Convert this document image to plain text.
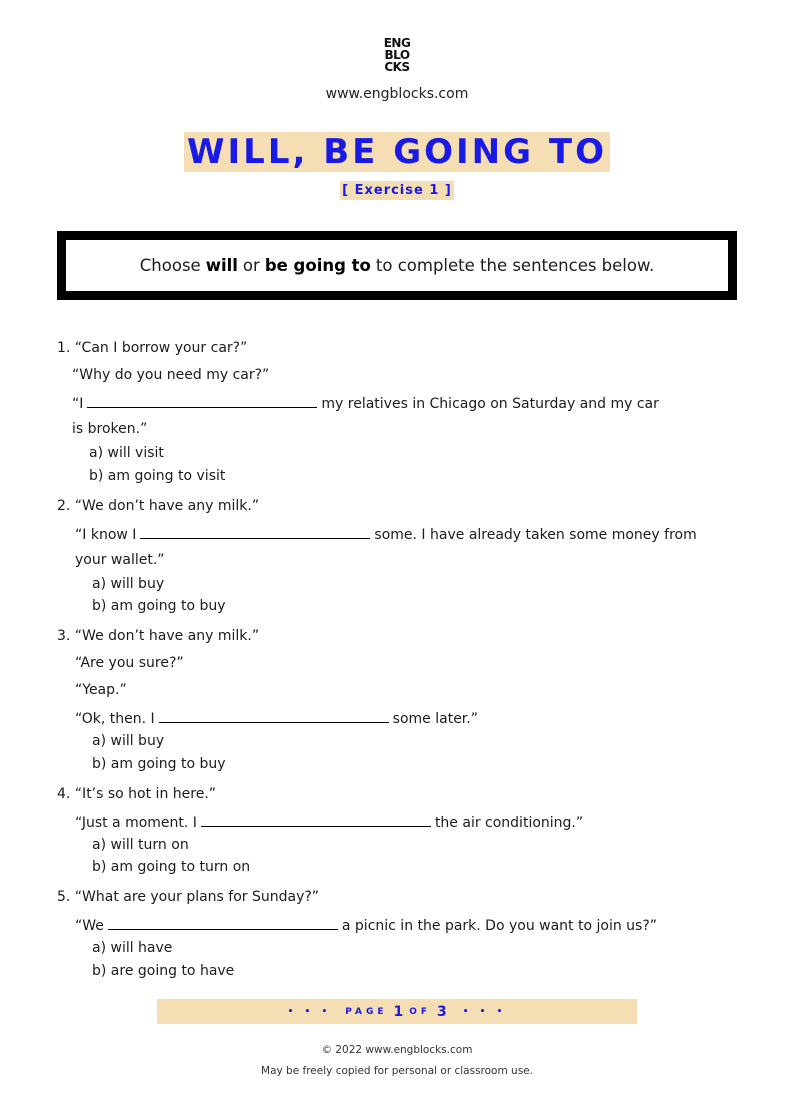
ENG
BLO
CKS
www.engblocks.com
WILL, BE GOING TO
[ Exercise 1 ]
Choose will or be going to to complete the sentences below.
1. “Can I borrow your car?”
“Why do you need my car?”
“I	my relatives in Chicago on Saturday and my car
is broken.”
a) will visit
b) am going to visit
2. “We don’t have any milk.”
“I know I	some. I have already taken some money from
your wallet.”
a) will buy
b) am going to buy
3. “We don’t have any milk.”
“Are you sure?”
“Yeap.”
“Ok, then. I	some later.”
a) will buy
b) am going to buy
4. “It’s so hot in here.”
“Just a moment. I	the air conditioning.”
a) will turn on
b) am going to turn on
5. “What are your plans for Sunday?”
“We	a picnic in the park. Do you want to join us?”
a) will have
b) are going to have
• • • PAGE 1 OF 3 • • •
© 2022 www.engblocks.com
May be freely copied for personal or classroom use.
